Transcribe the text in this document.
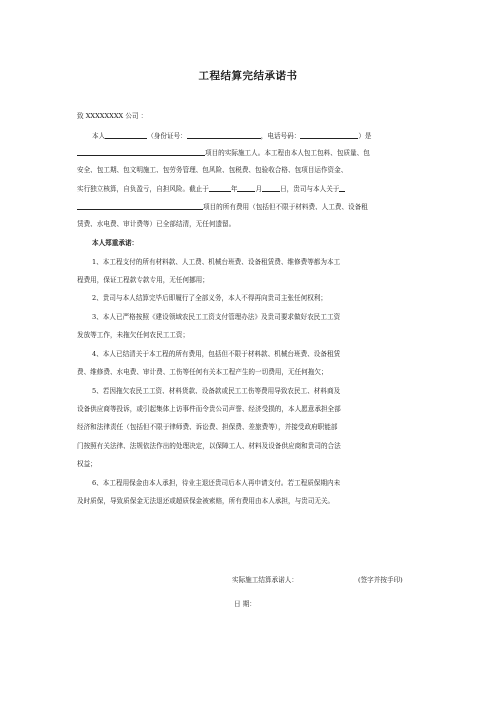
工程结算完结承诺书
致 XXXXXXXX 公司 ：
本人	（身份证号：	，电话号码：	）是
项目的实际施工人。本工程由本人包工包料、包质量、包
安全、包工期、包文明施工、包劳务管理、包风险、包税费、包验收合格、包项目运作资金、
实行独立核算，自负盈亏，自担风险。截止于	年	月	日，贵司与本人关于
项目的所有费用（包括但不限于材料费、人工费、设备租
赁费、水电费、审计费等）已全部结清，无任何遗留。
本人郑重承诺：
1、本工程支付的所有材料款、人工费、机械台班费、设备租赁费、维修费等都为本工
程费用，保证工程款专款专用，无任何挪用；
2、贵司与本人结算完毕后即履行了全部义务，本人不得再向贵司主张任何权利；
3、本人已严格按照《建设领域农民工工资支付管理办法》及贵司要求做好农民工工资
发放等工作，未拖欠任何农民工工资；
4、本人已结清关于本工程的所有费用，包括但不限于材料款、机械台班费、设备租赁
费、维修费、水电费、审计费、工伤等任何有关本工程产生的一切费用，无任何拖欠；
5、若因拖欠农民工工资、材料货款、设备款或民工工伤等费用导致农民工、材料商及
设备供应商等投诉，或引起集体上访事件而令贵公司声誉、经济受损的，本人愿意承担全部
经济和法律责任（包括但不限于律师费、诉讼费、担保费、差旅费等），并接受政府职能部
门按照有关法律、法规依法作出的处理决定，以保障工人、材料及设备供应商和贵司的合法
权益；
6、本工程用保金由本人承担，待业主退还贵司后本人再申请支付。若工程质保期内未
及时质保，导致质保金无法退还或超质保金被索赔，所有费用由本人承担，与贵司无关。
实际施工结算承诺人：	(签字并按手印)
日 期：
